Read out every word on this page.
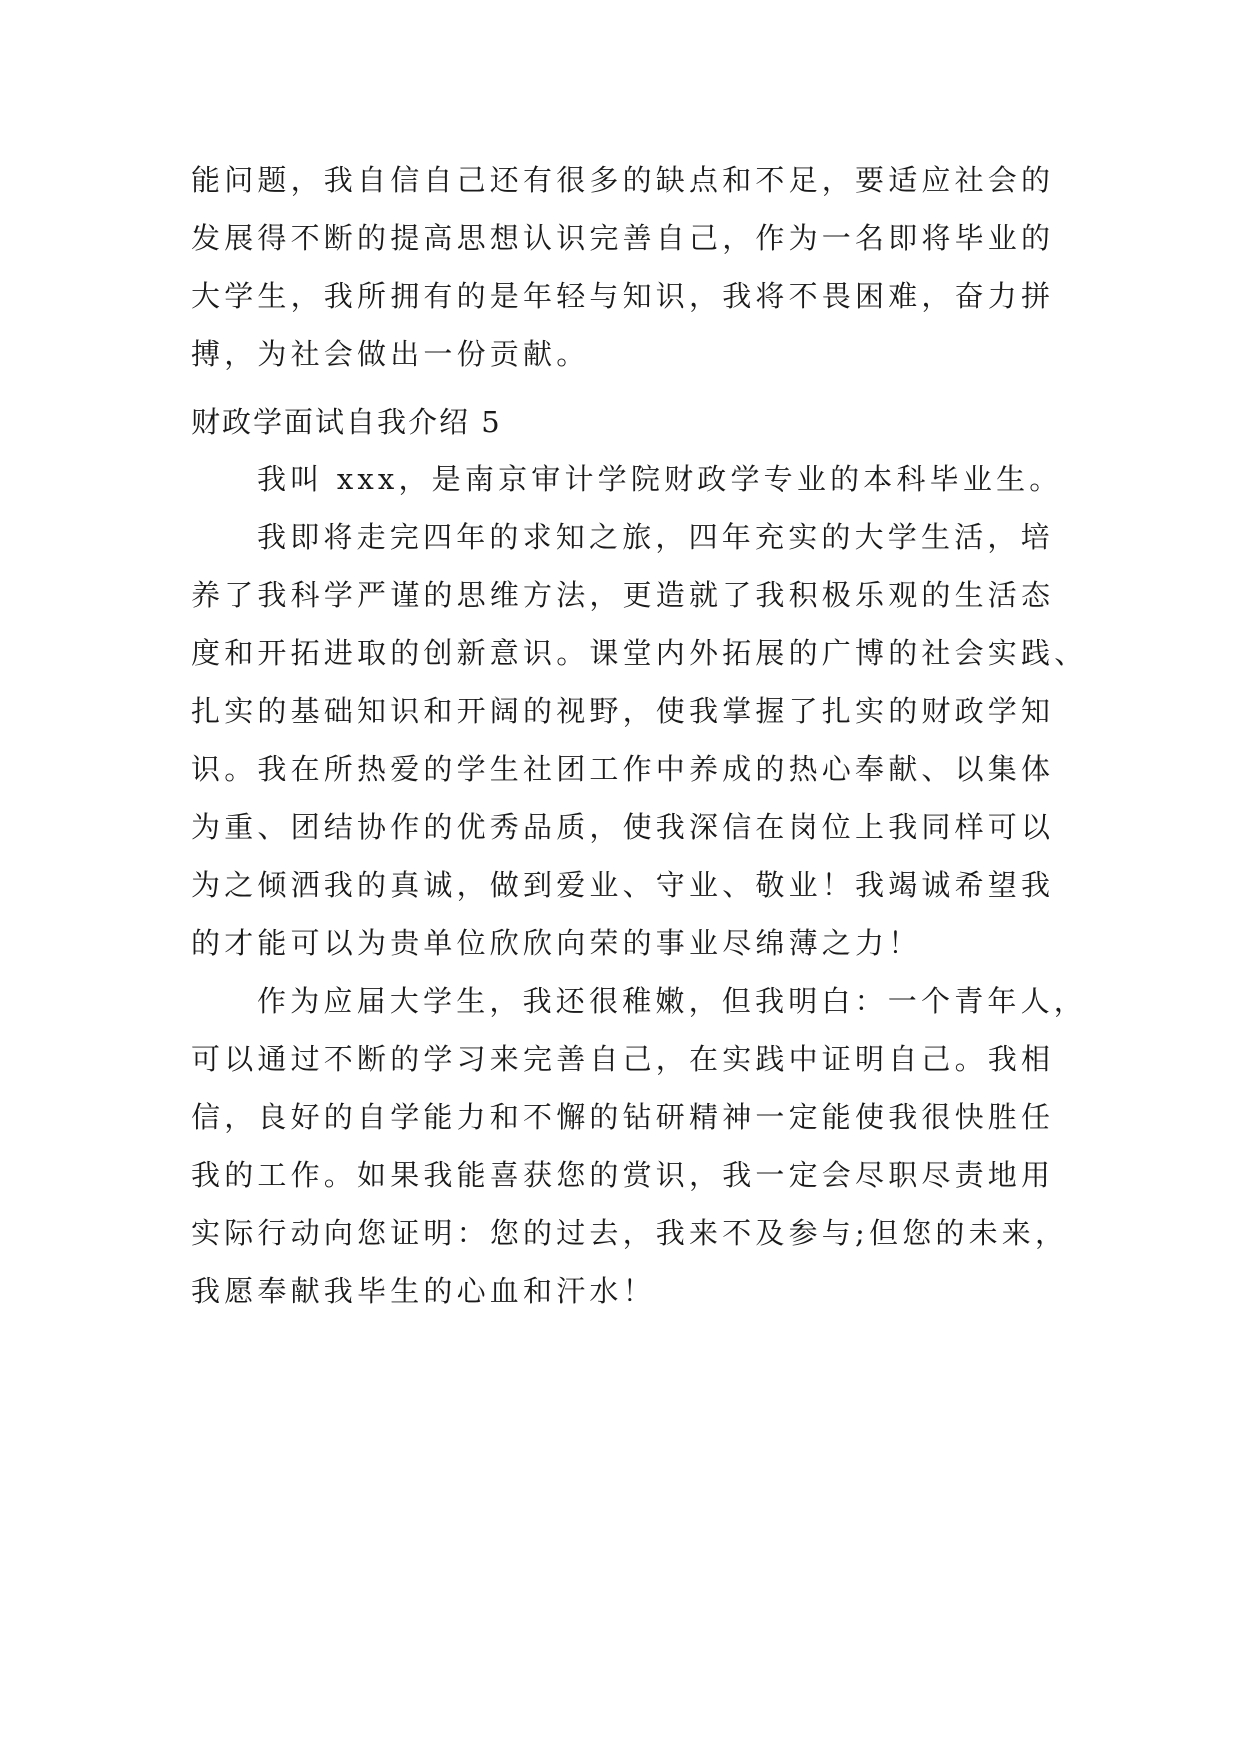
能问题，我自信自己还有很多的缺点和不足，要适应社会的
发展得不断的提高思想认识完善自己，作为一名即将毕业的
大学生，我所拥有的是年轻与知识，我将不畏困难，奋力拼
搏，为社会做出一份贡献。
财政学面试自我介绍 5
我叫 xxx，是南京审计学院财政学专业的本科毕业生。
我即将走完四年的求知之旅，四年充实的大学生活，培
养了我科学严谨的思维方法，更造就了我积极乐观的生活态
度和开拓进取的创新意识。课堂内外拓展的广博的社会实践、
扎实的基础知识和开阔的视野，使我掌握了扎实的财政学知
识。我在所热爱的学生社团工作中养成的热心奉献、以集体
为重、团结协作的优秀品质，使我深信在岗位上我同样可以
为之倾洒我的真诚，做到爱业、守业、敬业！我竭诚希望我
的才能可以为贵单位欣欣向荣的事业尽绵薄之力！
作为应届大学生，我还很稚嫩，但我明白：一个青年人，
可以通过不断的学习来完善自己，在实践中证明自己。我相
信，良好的自学能力和不懈的钻研精神一定能使我很快胜任
我的工作。如果我能喜获您的赏识，我一定会尽职尽责地用
实际行动向您证明：您的过去，我来不及参与;但您的未来，
我愿奉献我毕生的心血和汗水！
